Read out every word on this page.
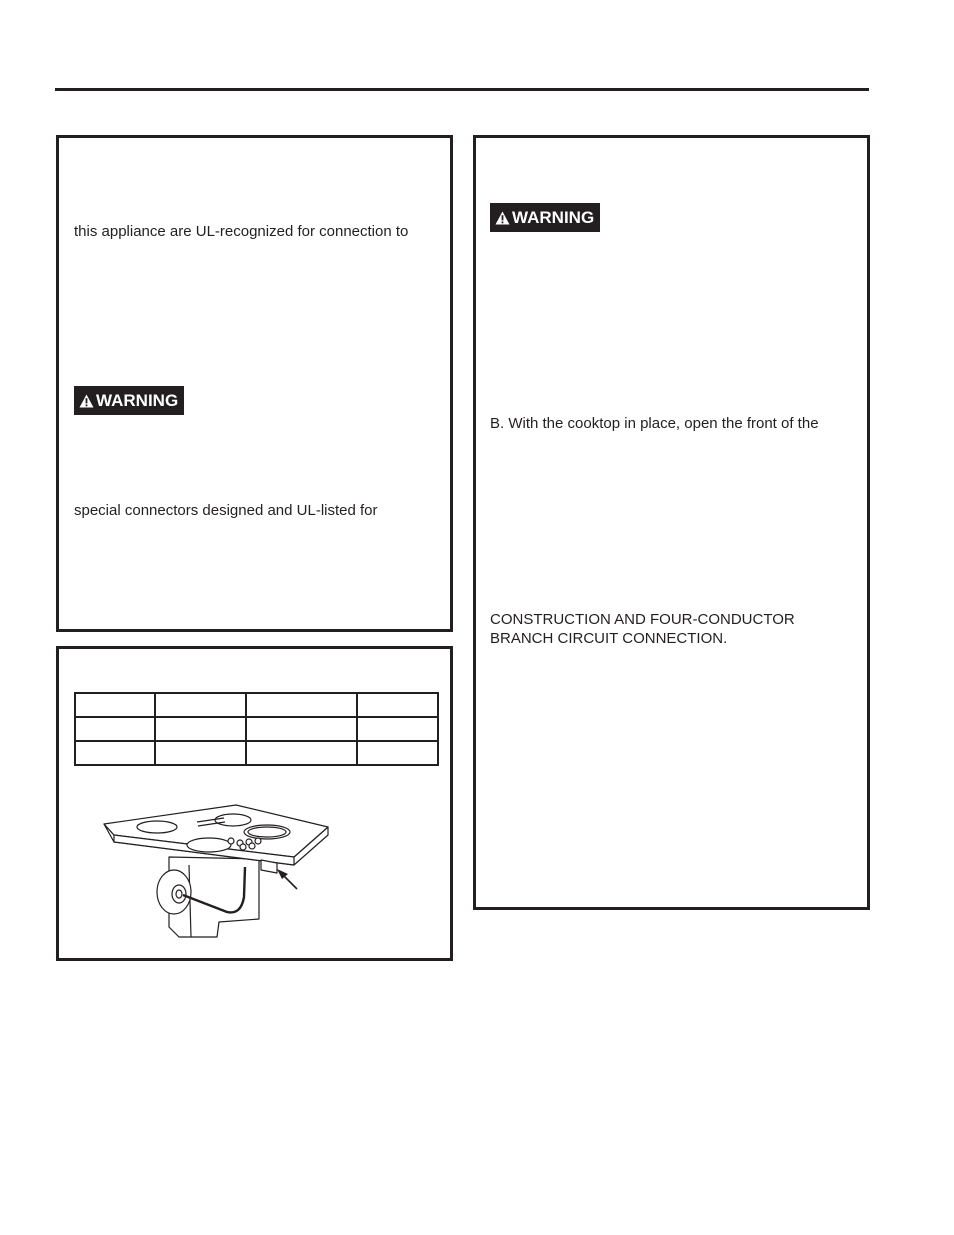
this appliance are UL-recognized for connection to
WARNING
special connectors designed and UL-listed for

WARNING
B. With the cooktop in place, open the front of the
CONSTRUCTION AND FOUR-CONDUCTOR
BRANCH CIRCUIT CONNECTION.
